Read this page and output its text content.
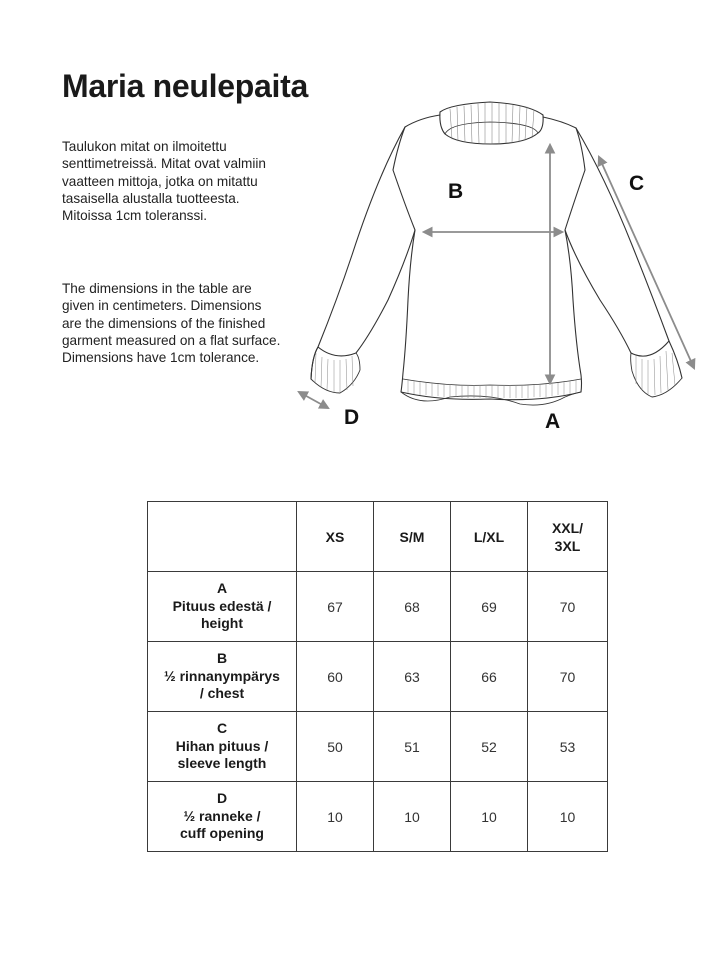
Maria neulepaita

Taulukon mitat on ilmoitettu senttimetreissä. Mitat ovat valmiin vaatteen mittoja, jotka on mitattu tasaisella alustalla tuotteesta. Mitoissa 1cm toleranssi.

The dimensions in the table are given in centimeters. Dimensions are the dimensions of the finished garment measured on a flat surface. Dimensions have 1cm tolerance.

A
B	C
D
	XS	S/M	L/XL	XXL/
3XL

A
Pituus edestä /
height	67	68	69	70

B
½ rinnanympärys
/ chest	60	63	66	70

C
Hihan pituus /
sleeve length	50	51	52	53

D
½ ranneke /
cuff opening	10	10	10	10
